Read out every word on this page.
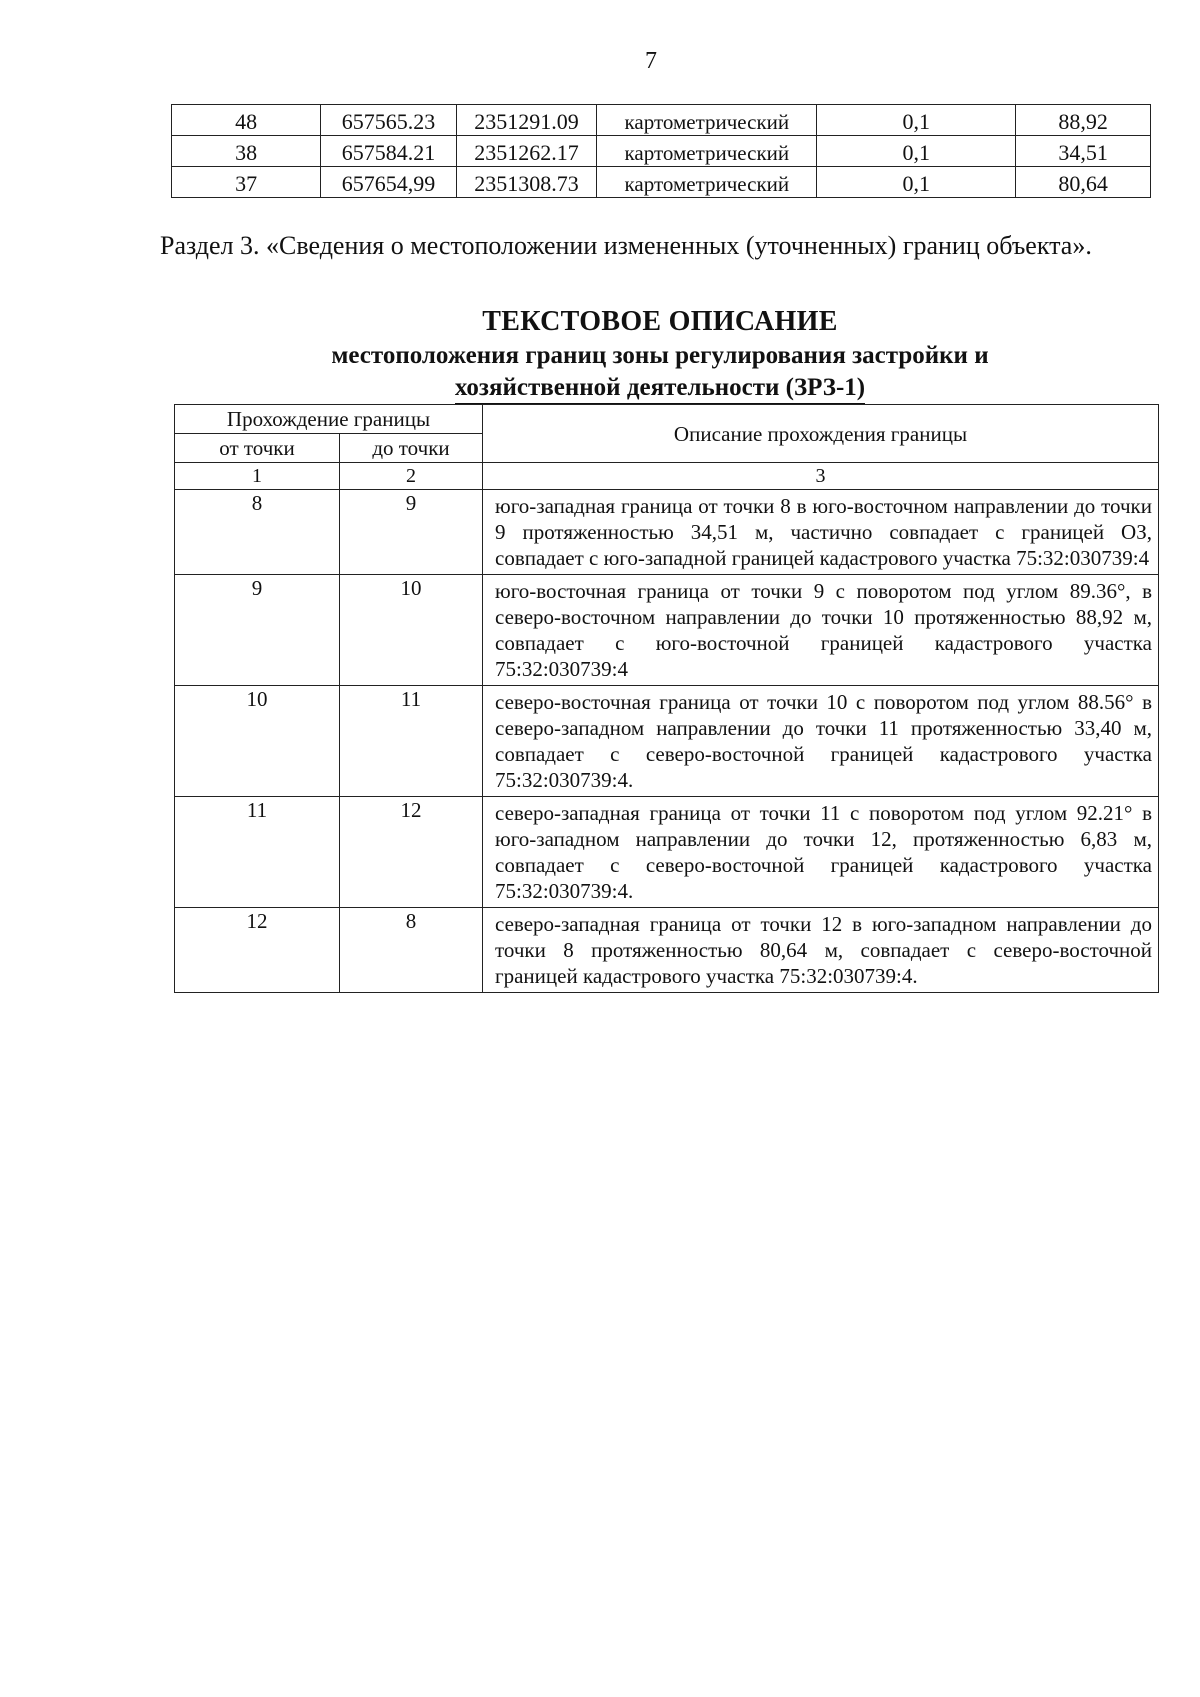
7
48	657565.23	2351291.09	картометрический	0,1	88,92
38	657584.21	2351262.17	картометрический	0,1	34,51
37	657654,99	2351308.73	картометрический	0,1	80,64
Раздел 3. «Сведения о местоположении измененных (уточненных) границ объекта».
ТЕКСТОВОЕ ОПИСАНИЕ
местоположения границ зоны регулирования застройки и
хозяйственной деятельности (ЗРЗ-1)
Прохождение границы		Описание прохождения границы
от точки	до точки	
1	2	3
8	9	юго-западная граница от точки 8 в юго-восточном направлении до точки 9 протяженностью 34,51 м, частично совпадает с границей ОЗ, совпадает с юго-западной границей кадастрового участка 75:32:030739:4
9	10	юго-восточная граница от точки 9 с поворотом под углом 89.36°, в северо-восточном направлении до точки 10 протяженностью 88,92 м, совпадает с юго-восточной границей кадастрового участка 75:32:030739:4
10	11	северо-восточная граница от точки 10 с поворотом под углом 88.56° в северо-западном направлении до точки 11 протяженностью 33,40 м, совпадает с северо-восточной границей кадастрового участка 75:32:030739:4.
11	12	северо-западная граница от точки 11 с поворотом под углом 92.21° в юго-западном направлении до точки 12, протяженностью 6,83 м, совпадает с северо-восточной границей кадастрового участка 75:32:030739:4.
12	8	северо-западная граница от точки 12 в юго-западном направлении до точки 8 протяженностью 80,64 м, совпадает с северо-восточной границей кадастрового участка 75:32:030739:4.
